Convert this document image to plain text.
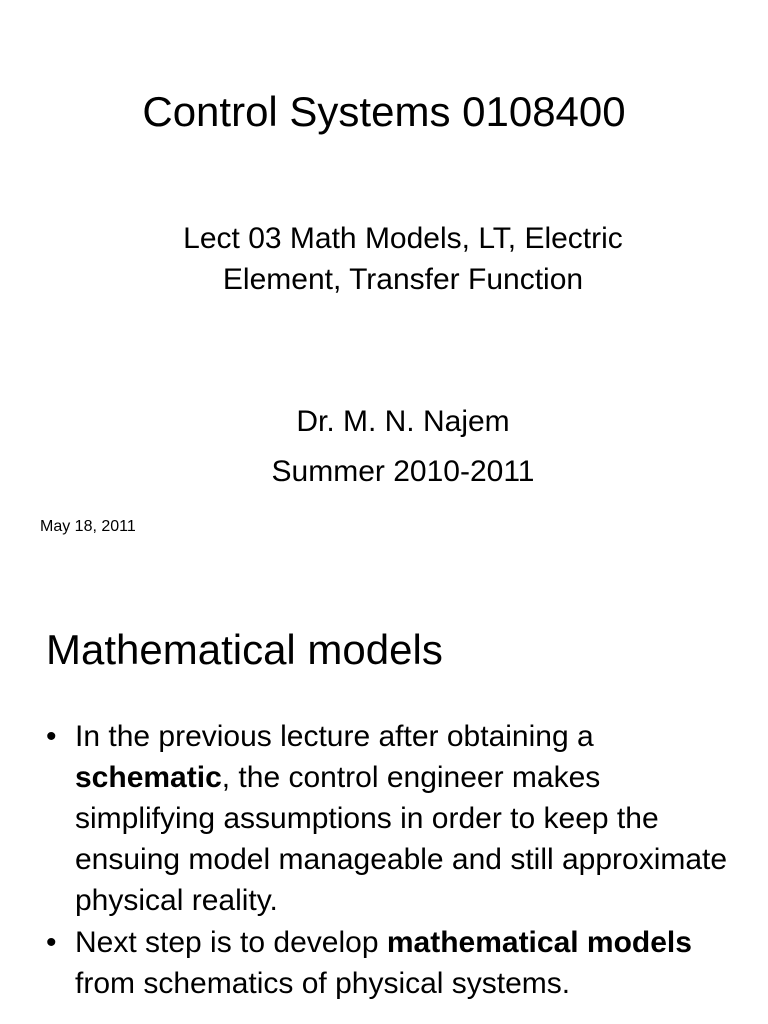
Control Systems 0108400
Lect 03 Math Models, LT, Electric Element, Transfer Function
Dr. M. N. Najem
Summer 2010-2011
May 18, 2011
Mathematical models
• In the previous lecture after obtaining a schematic, the control engineer makes simplifying assumptions in order to keep the ensuing model manageable and still approximate physical reality.
• Next step is to develop mathematical models from schematics of physical systems.
